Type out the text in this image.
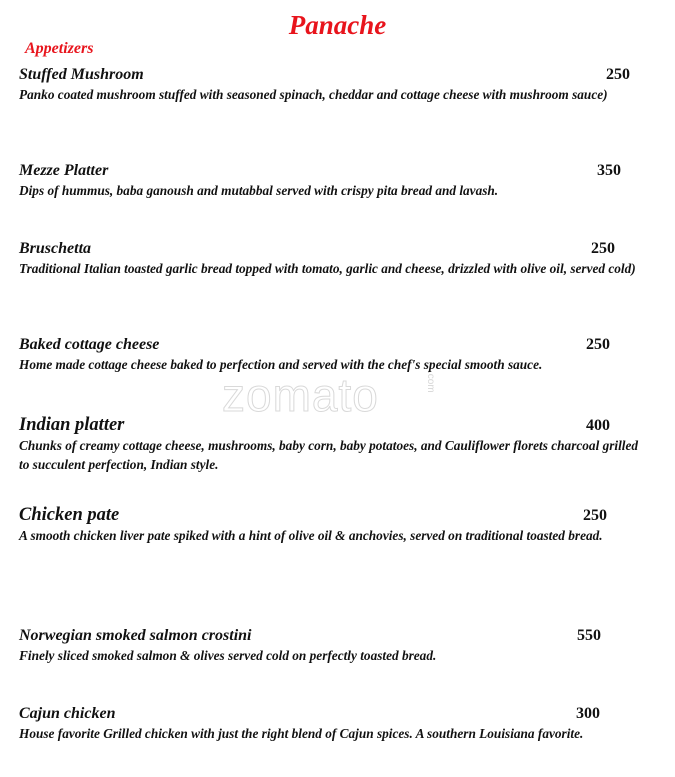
Panache
Appetizers
zomato	.com
Stuffed Mushroom	250
Panko coated mushroom stuffed with seasoned spinach, cheddar and cottage cheese with mushroom sauce)
Mezze Platter	350
Dips of hummus, baba ganoush and mutabbal served with crispy pita bread and lavash.
Bruschetta	250
Traditional Italian toasted garlic bread topped with tomato, garlic and cheese, drizzled with olive oil, served cold)
Baked cottage cheese	250
Home made cottage cheese baked to perfection and served with the chef's special smooth sauce.
Indian platter	400
Chunks of creamy cottage cheese, mushrooms, baby corn, baby potatoes, and Cauliflower florets charcoal grilled to succulent perfection, Indian style.
Chicken pate	250
A smooth chicken liver pate spiked with a hint of olive oil & anchovies, served on traditional toasted bread.
Norwegian smoked salmon crostini	550
Finely sliced smoked salmon & olives served cold on perfectly toasted bread.
Cajun chicken	300
House favorite Grilled chicken with just the right blend of Cajun spices. A southern Louisiana favorite.
